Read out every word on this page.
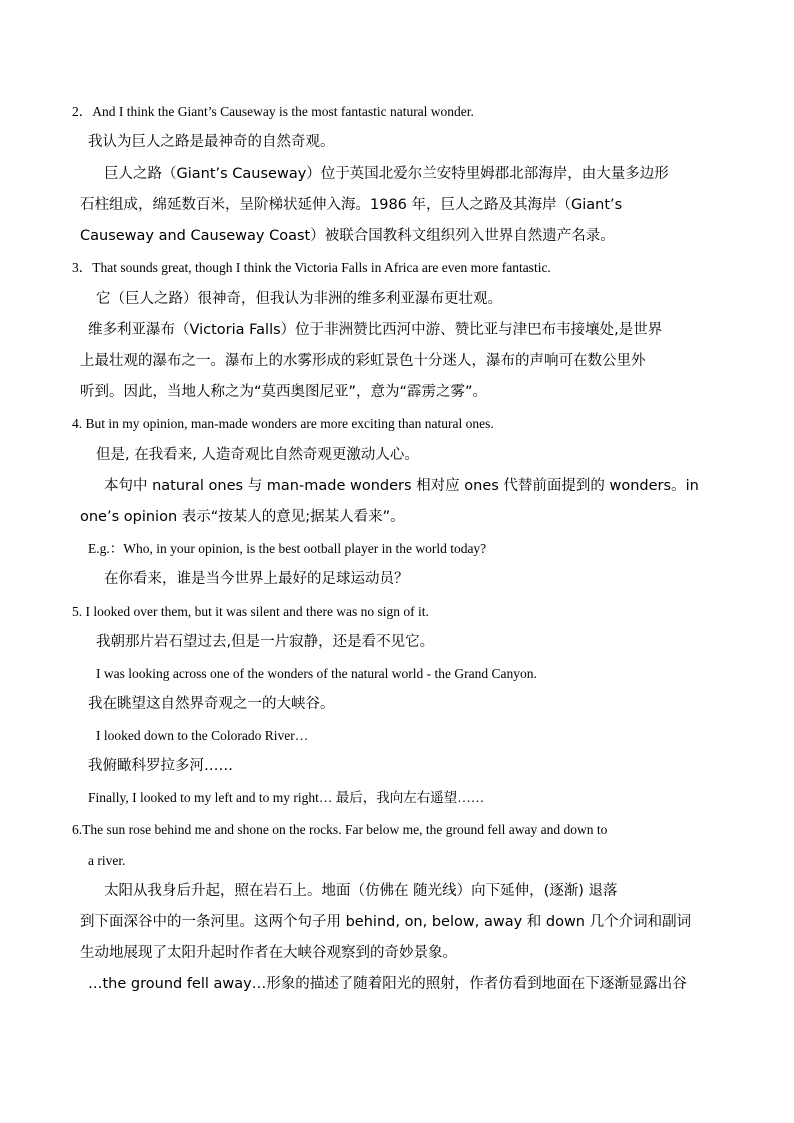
2．And I think the Giant’s Causeway is the most fantastic natural wonder.
我认为巨人之路是最神奇的自然奇观。
巨人之路（Giant’s Causeway）位于英国北爱尔兰安特里姆郡北部海岸，由大量多边形
石柱组成，绵延数百米，呈阶梯状延伸入海。1986 年，巨人之路及其海岸（Giant’s
Causeway and Causeway Coast）被联合国教科文组织列入世界自然遗产名录。
3．That sounds great, though I think the Victoria Falls in Africa are even more fantastic.
它（巨人之路）很神奇，但我认为非洲的维多利亚瀑布更壮观。
维多利亚瀑布（Victoria Falls）位于非洲赞比西河中游、赞比亚与津巴布韦接壤处,是世界
上最壮观的瀑布之一。瀑布上的水雾形成的彩虹景色十分迷人，瀑布的声响可在数公里外
听到。因此，当地人称之为“莫西奥图尼亚”，意为“霹雳之雾”。
4. But in my opinion, man-made wonders are more exciting than natural ones.
但是, 在我看来, 人造奇观比自然奇观更激动人心。
本句中 natural ones 与 man-made wonders 相对应 ones 代替前面提到的 wonders。in
one’s opinion 表示“按某人的意见;据某人看来”。
E.g.：Who, in your opinion, is the best ootball player in the world today?
在你看来，谁是当今世界上最好的足球运动员？
5. I looked over them, but it was silent and there was no sign of it.
我朝那片岩石望过去,但是一片寂静，还是看不见它。
I was looking across one of the wonders of the natural world - the Grand Canyon.
我在眺望这自然界奇观之一的大峡谷。
I looked down to the Colorado River…
我俯瞰科罗拉多河……
Finally, I looked to my left and to my right… 最后，我向左右遥望……
6.The sun rose behind me and shone on the rocks. Far below me, the ground fell away and down to
a river.
太阳从我身后升起，照在岩石上。地面（仿佛在 随光线）向下延伸，(逐渐) 退落
到下面深谷中的一条河里。这两个句子用 behind, on, below, away 和 down 几个介词和副词
生动地展现了太阳升起时作者在大峡谷观察到的奇妙景象。
…the ground fell away…形象的描述了随着阳光的照射，作者仿看到地面在下逐渐显露出谷
